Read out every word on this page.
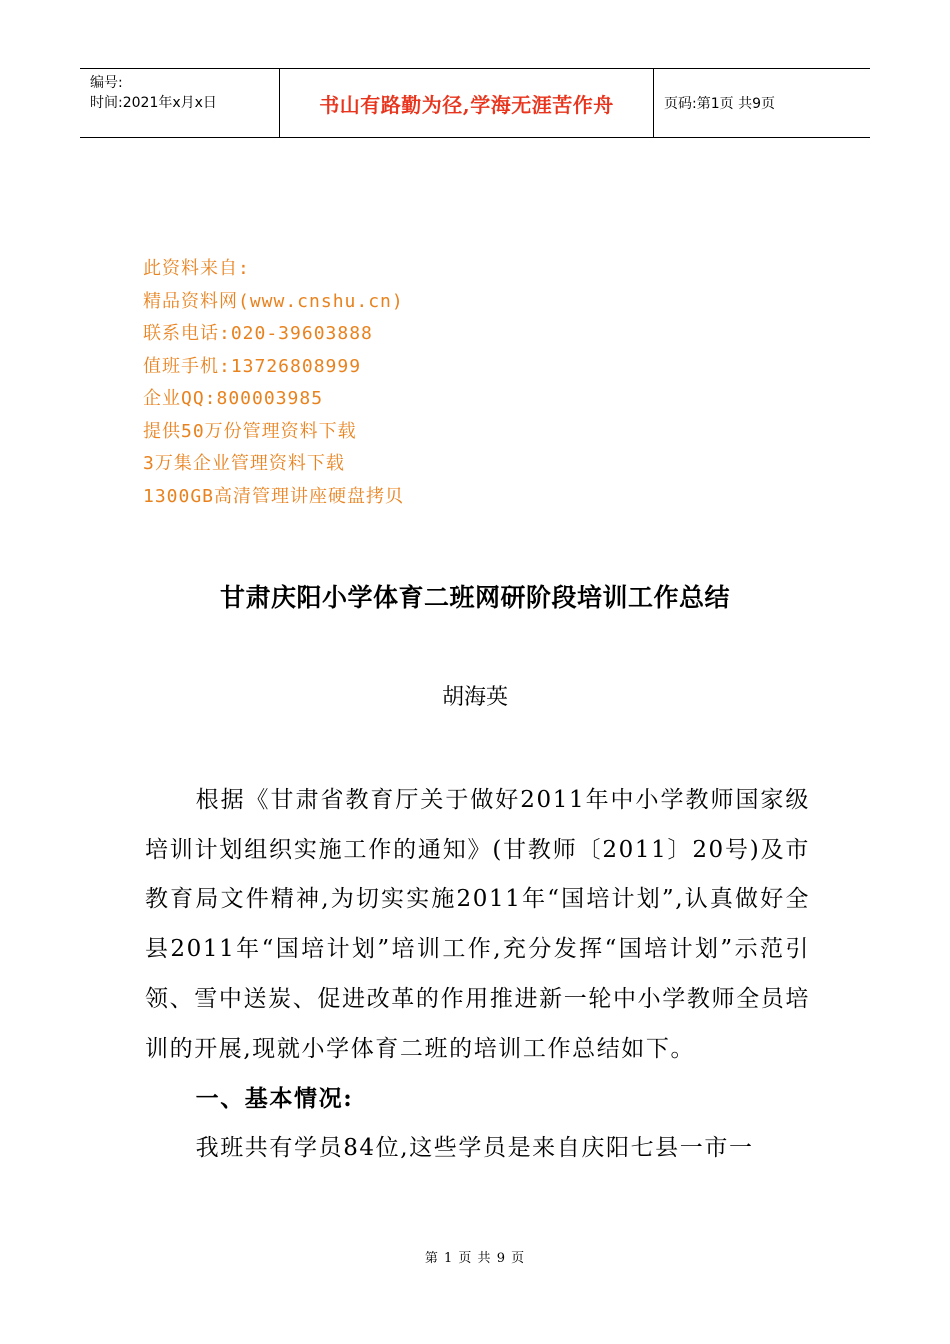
编号:
时间:2021年x月x日	书山有路勤为径,学海无涯苦作舟	页码:第1页 共9页
此资料来自:
精品资料网(www.cnshu.cn)
联系电话:020-39603888
值班手机:13726808999
企业QQ:800003985
提供50万份管理资料下载
3万集企业管理资料下载
1300GB高清管理讲座硬盘拷贝
甘肃庆阳小学体育二班网研阶段培训工作总结
胡海英

根据《甘肃省教育厅关于做好2011年中小学教师国家级培训计划组织实施工作的通知》(甘教师〔2011〕20号)及市教育局文件精神,为切实实施2011年“国培计划”,认真做好全县2011年“国培计划”培训工作,充分发挥“国培计划”示范引领、雪中送炭、促进改革的作用推进新一轮中小学教师全员培训的开展,现就小学体育二班的培训工作总结如下。

一、基本情况:

我班共有学员84位,这些学员是来自庆阳七县一市一

第 1 页 共 9 页
